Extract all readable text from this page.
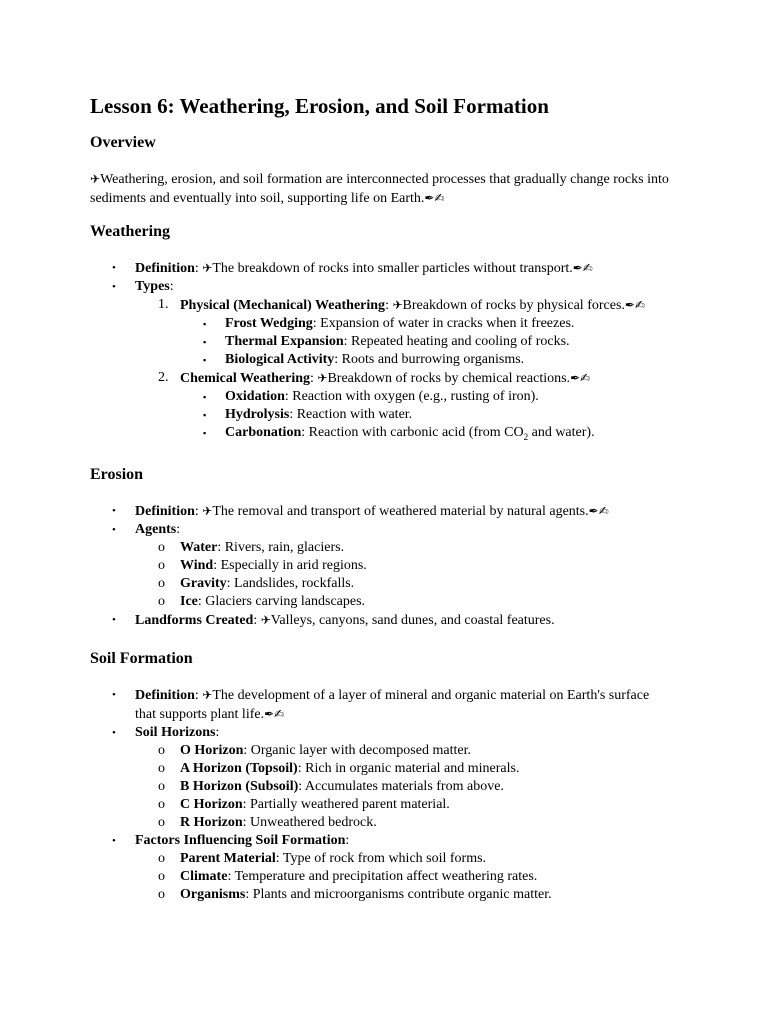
Lesson 6: Weathering, Erosion, and Soil Formation
Overview

✈Weathering, erosion, and soil formation are interconnected processes that gradually change rocks into sediments and eventually into soil, supporting life on Earth.✒✍

Weathering
• Definition: ✈The breakdown of rocks into smaller particles without transport.✒✍
• Types:
1. Physical (Mechanical) Weathering: ✈Breakdown of rocks by physical forces.✒✍
▪ Frost Wedging: Expansion of water in cracks when it freezes.
▪ Thermal Expansion: Repeated heating and cooling of rocks.
▪ Biological Activity: Roots and burrowing organisms.
2. Chemical Weathering: ✈Breakdown of rocks by chemical reactions.✒✍
▪ Oxidation: Reaction with oxygen (e.g., rusting of iron).
▪ Hydrolysis: Reaction with water.
▪ Carbonation: Reaction with carbonic acid (from $CO_2$ and water).
Erosion
• Definition: ✈The removal and transport of weathered material by natural agents.✒✍
• Agents:
o Water: Rivers, rain, glaciers.
o Wind: Especially in arid regions.
o Gravity: Landslides, rockfalls.
o Ice: Glaciers carving landscapes.
• Landforms Created: ✈Valleys, canyons, sand dunes, and coastal features.
Soil Formation
• Definition: ✈The development of a layer of mineral and organic material on Earth's surface that supports plant life.✒✍
• Soil Horizons:
o O Horizon: Organic layer with decomposed matter.
o A Horizon (Topsoil): Rich in organic material and minerals.
o B Horizon (Subsoil): Accumulates materials from above.
o C Horizon: Partially weathered parent material.
o R Horizon: Unweathered bedrock.
• Factors Influencing Soil Formation:
o Parent Material: Type of rock from which soil forms.
o Climate: Temperature and precipitation affect weathering rates.
o Organisms: Plants and microorganisms contribute organic matter.
